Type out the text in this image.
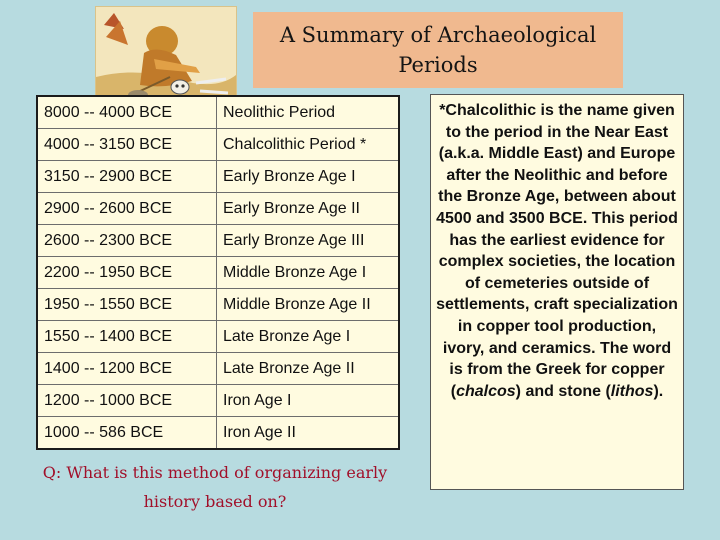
A Summary of Archaeological
Periods
8000 -- 4000 BCE	Neolithic Period
4000 -- 3150 BCE	Chalcolithic Period *
3150 -- 2900 BCE	Early Bronze Age I
2900 -- 2600 BCE	Early Bronze Age II
2600 -- 2300 BCE	Early Bronze Age III
2200 -- 1950 BCE	Middle Bronze Age I
1950 -- 1550 BCE	Middle Bronze Age II
1550 -- 1400 BCE	Late Bronze Age I
1400 -- 1200 BCE	Late Bronze Age II
1200 -- 1000 BCE	Iron Age I
1000 -- 586 BCE	Iron Age II
*Chalcolithic is the name given to the period in the Near East (a.k.a. Middle East) and Europe after the Neolithic and before the Bronze Age, between about 4500 and 3500 BCE. This period has the earliest evidence for complex societies, the location of cemeteries outside of settlements, craft specialization in copper tool production, ivory, and ceramics. The word is from the Greek for copper (chalcos) and stone (lithos).
Q: What is this method of organizing early
history based on?
